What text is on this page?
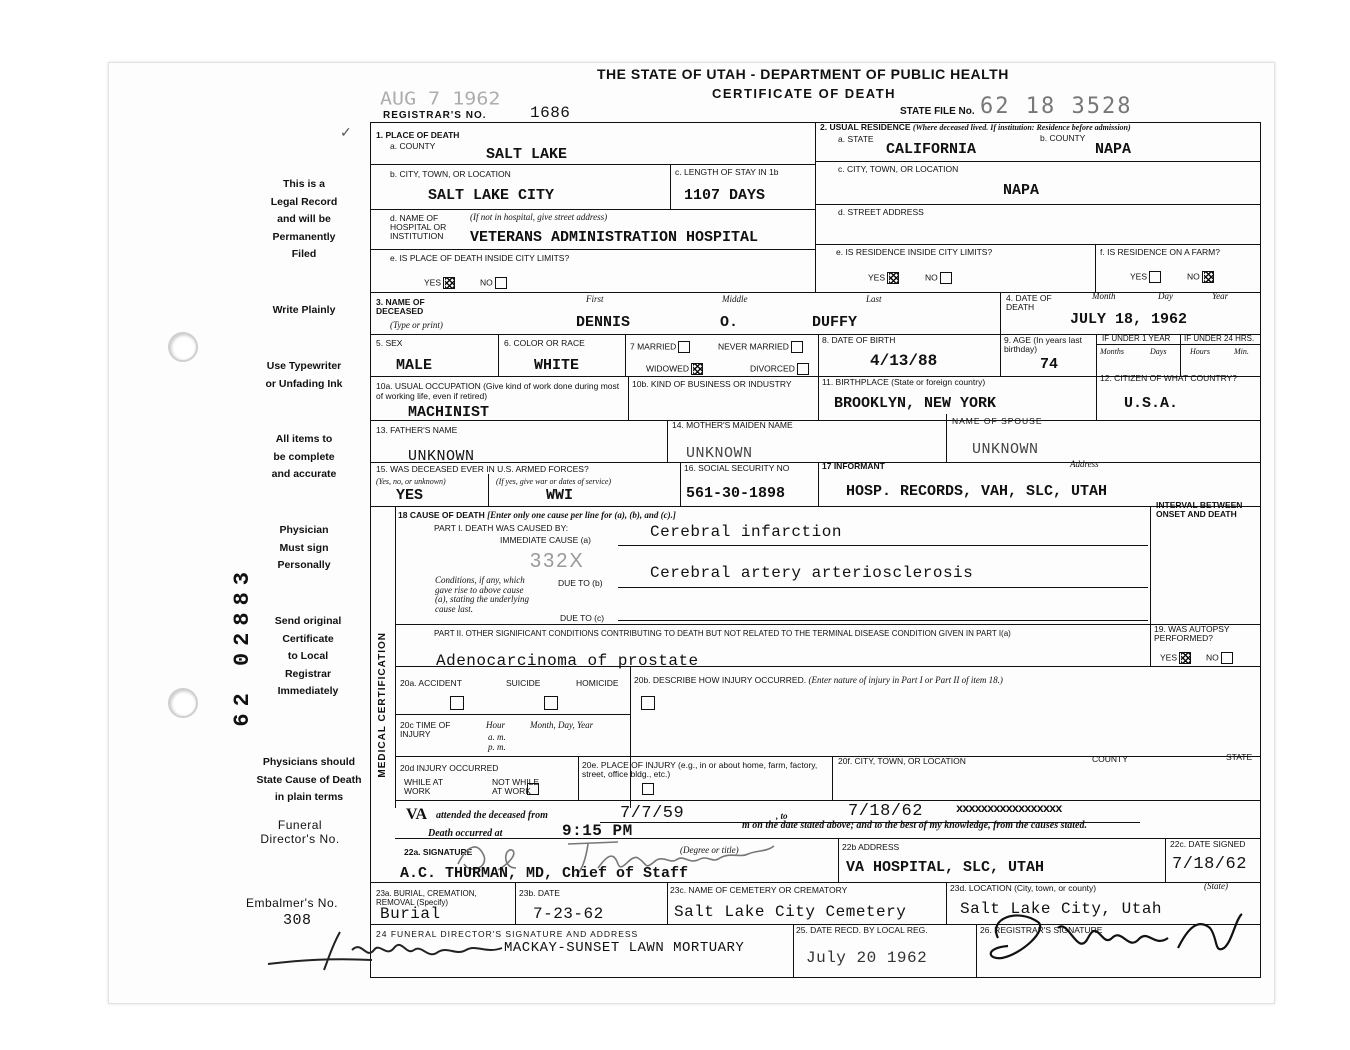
THE STATE OF UTAH - DEPARTMENT OF PUBLIC HEALTH
CERTIFICATE OF DEATH
AUG 7 1962
REGISTRAR'S NO.	1686	STATE FILE No. 62 18 3528
✓
This is a
Legal Record
and will be
Permanently
Filed
Write Plainly
Use Typewriter
or Unfading Ink
All items to
be complete
and accurate
Physician
Must sign
Personally
Send original
Certificate
to Local
Registrar
Immediately
Physicians should
State Cause of Death
in plain terms
Funeral
Director's No.
Embalmer's No.
308
62 02883
1. PLACE OF DEATH
a. COUNTY	SALT LAKE
b. CITY, TOWN, OR LOCATION
SALT LAKE CITY
c. LENGTH OF STAY IN 1b
1107 DAYS
d. NAME OF HOSPITAL OR INSTITUTION
(If not in hospital, give street address)
VETERANS ADMINISTRATION HOSPITAL
e. IS PLACE OF DEATH INSIDE CITY LIMITS?
YES	NO
2. USUAL RESIDENCE (Where deceased lived. If institution: Residence before admission)
a. STATE
CALIFORNIA
b. COUNTY
NAPA
c. CITY, TOWN, OR LOCATION
NAPA
d. STREET ADDRESS
e. IS RESIDENCE INSIDE CITY LIMITS?
YES	NO
f. IS RESIDENCE ON A FARM?
YES	NO
3. NAME OF DECEASED
(Type or print)
First	Middle	Last
DENNIS	O.	DUFFY
4. DATE OF DEATH
Month	Day	Year
JULY 18, 1962
5. SEX
MALE
6. COLOR OR RACE
WHITE
7 MARRIED	NEVER MARRIED
WIDOWED	DIVORCED
8. DATE OF BIRTH
4/13/88
9. AGE (In years last birthday)
74
IF UNDER 1 YEAR IF UNDER 24 HRS.
Months	Days	Hours	Min.
10a. USUAL OCCUPATION (Give kind of work done during most of working life, even if retired)
MACHINIST
10b. KIND OF BUSINESS OR INDUSTRY	11. BIRTHPLACE (State or foreign country)
BROOKLYN, NEW YORK
12. CITIZEN OF WHAT COUNTRY?
U.S.A.
13. FATHER'S NAME
UNKNOWN
14. MOTHER'S MAIDEN NAME
UNKNOWN
NAME OF SPOUSE
UNKNOWN
15. WAS DECEASED EVER IN U.S. ARMED FORCES?
(Yes, no, or unknown)	(If yes, give war or dates of service)
YES	WWI
16. SOCIAL SECURITY NO
561-30-1898
17 INFORMANT	Address
HOSP. RECORDS, VAH, SLC, UTAH
MEDICAL CERTIFICATION
18 CAUSE OF DEATH [Enter only one cause per line for (a), (b), and (c).]
INTERVAL BETWEEN ONSET AND DEATH
PART I. DEATH WAS CAUSED BY:
IMMEDIATE CAUSE (a)	Cerebral infarction
332X
Conditions, if any, which gave rise to above cause (a), stating the underlying cause last.
DUE TO (b)
Cerebral artery arteriosclerosis
DUE TO (c)
PART II. OTHER SIGNIFICANT CONDITIONS CONTRIBUTING TO DEATH BUT NOT RELATED TO THE TERMINAL DISEASE CONDITION GIVEN IN PART I(a)
Adenocarcinoma of prostate
19. WAS AUTOPSY PERFORMED?
YES	NO
20a. ACCIDENT	SUICIDE	HOMICIDE
20b. DESCRIBE HOW INJURY OCCURRED. (Enter nature of injury in Part I or Part II of item 18.)
20c TIME OF INJURY
Hour
a. m.
p. m.
Month, Day, Year
20d INJURY OCCURRED
WHILE AT WORK

NOT WHILE AT WORK
20e. PLACE OF INJURY (e.g., in or about home, farm, factory, street, office bldg., etc.)
20f. CITY, TOWN, OR LOCATION	COUNTY	STATE
VA attended the deceased from	7/7/59	, to	7/18/62	xxxxxxxxxxxxxxxxx
Death occurred at	9:15 PM	m on the date stated above; and to the best of my knowledge, from the causes stated.
22a. SIGNATURE	(Degree or title)
A.C. THURMAN, MD, Chief of Staff
22b ADDRESS
VA HOSPITAL, SLC, UTAH
22c. DATE SIGNED
7/18/62
23a. BURIAL, CREMATION, REMOVAL (Specify)
Burial
23b. DATE
7-23-62
23c. NAME OF CEMETERY OR CREMATORY
Salt Lake City Cemetery
23d. LOCATION (City, town, or county)	(State)
Salt Lake City, Utah
24 FUNERAL DIRECTOR'S SIGNATURE AND ADDRESS
MACKAY-SUNSET LAWN MORTUARY
25. DATE RECD. BY LOCAL REG.
July 20 1962
26. REGISTRAR'S SIGNATURE
